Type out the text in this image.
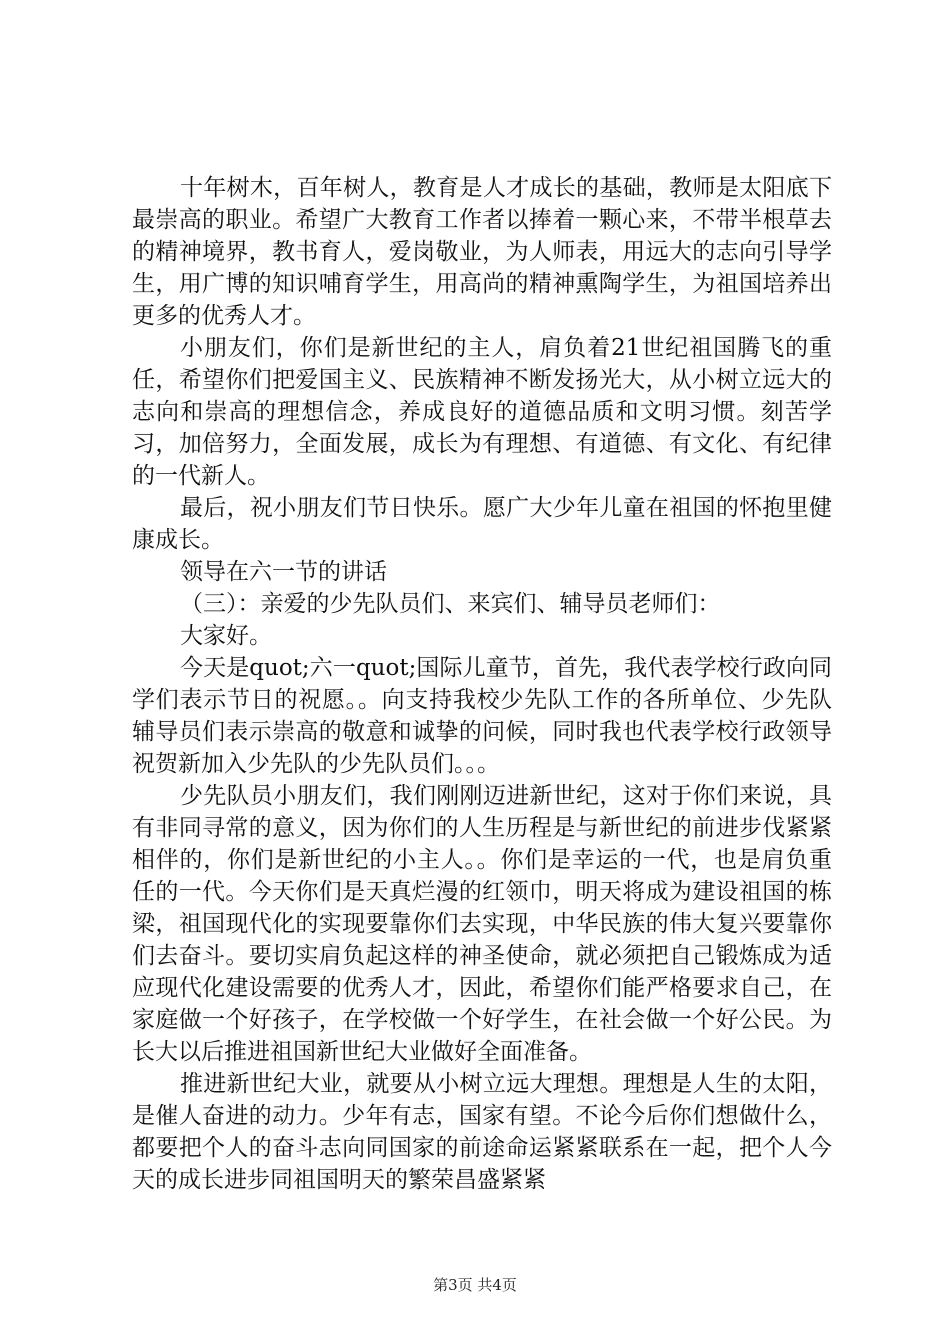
十年树木，百年树人，教育是人才成长的基础，教师是太阳底下最崇高的职业。希望广大教育工作者以捧着一颗心来，不带半根草去的精神境界，教书育人，爱岗敬业，为人师表，用远大的志向引导学生，用广博的知识哺育学生，用高尚的精神熏陶学生，为祖国培养出更多的优秀人才。

小朋友们，你们是新世纪的主人，肩负着21世纪祖国腾飞的重任，希望你们把爱国主义、民族精神不断发扬光大，从小树立远大的志向和崇高的理想信念，养成良好的道德品质和文明习惯。刻苦学习，加倍努力，全面发展，成长为有理想、有道德、有文化、有纪律的一代新人。

最后，祝小朋友们节日快乐。愿广大少年儿童在祖国的怀抱里健康成长。

领导在六一节的讲话

（三）：亲爱的少先队员们、来宾们、辅导员老师们：

大家好。

今天是quot;六一quot;国际儿童节，首先，我代表学校行政向同学们表示节日的祝愿。。向支持我校少先队工作的各所单位、少先队辅导员们表示崇高的敬意和诚挚的问候，同时我也代表学校行政领导祝贺新加入少先队的少先队员们。。。

少先队员小朋友们，我们刚刚迈进新世纪，这对于你们来说，具有非同寻常的意义，因为你们的人生历程是与新世纪的前进步伐紧紧相伴的，你们是新世纪的小主人。。你们是幸运的一代，也是肩负重任的一代。今天你们是天真烂漫的红领巾，明天将成为建设祖国的栋梁，祖国现代化的实现要靠你们去实现，中华民族的伟大复兴要靠你们去奋斗。要切实肩负起这样的神圣使命，就必须把自己锻炼成为适应现代化建设需要的优秀人才，因此，希望你们能严格要求自己，在家庭做一个好孩子，在学校做一个好学生，在社会做一个好公民。为长大以后推进祖国新世纪大业做好全面准备。

推进新世纪大业，就要从小树立远大理想。理想是人生的太阳，是催人奋进的动力。少年有志，国家有望。不论今后你们想做什么，都要把个人的奋斗志向同国家的前途命运紧紧联系在一起，把个人今天的成长进步同祖国明天的繁荣昌盛紧紧

第3页 共4页
